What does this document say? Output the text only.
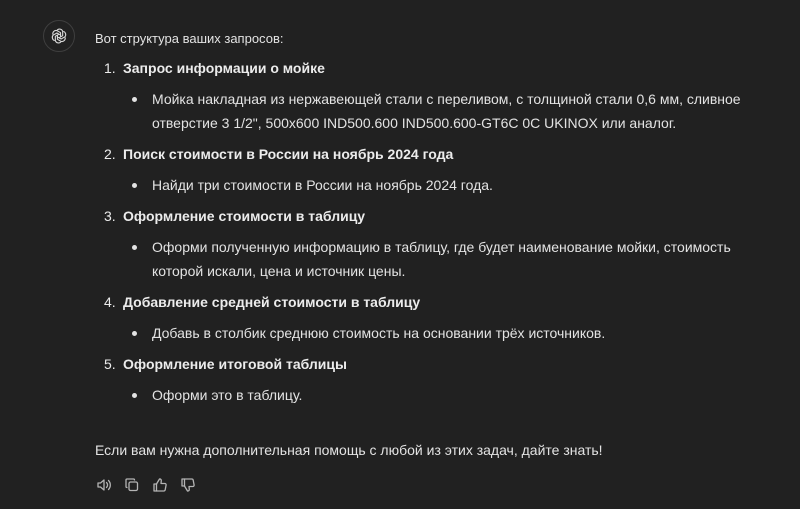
Вот структура ваших запросов:

1. Запрос информации о мойке
Мойка накладная из нержавеющей стали с переливом, с толщиной стали 0,6 мм, сливное отверстие 3 1/2", 500x600 IND500.600 IND500.600-GT6C 0C UKINOX или аналог.
2. Поиск стоимости в России на ноябрь 2024 года
Найди три стоимости в России на ноябрь 2024 года.
3. Оформление стоимости в таблицу
Оформи полученную информацию в таблицу, где будет наименование мойки, стоимость которой искали, цена и источник цены.
4. Добавление средней стоимости в таблицу
Добавь в столбик среднюю стоимость на основании трёх источников.
5. Оформление итоговой таблицы
Оформи это в таблицу.

Если вам нужна дополнительная помощь с любой из этих задач, дайте знать!
